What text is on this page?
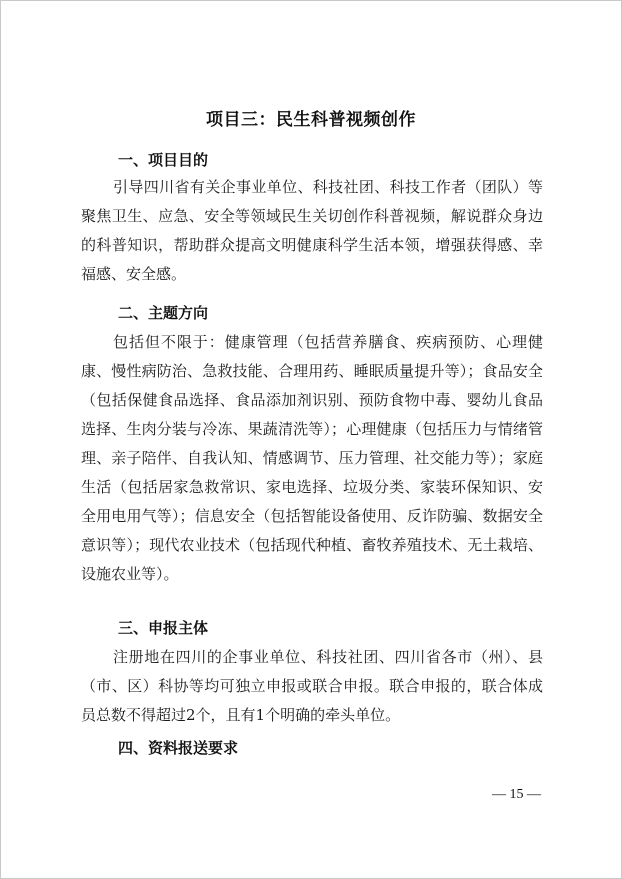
项目三：民生科普视频创作
一、项目目的

引导四川省有关企事业单位、科技社团、科技工作者（团队）等聚焦卫生、应急、安全等领域民生关切创作科普视频，解说群众身边的科普知识，帮助群众提高文明健康科学生活本领，增强获得感、幸福感、安全感。

二、主题方向

包括但不限于：健康管理（包括营养膳食、疾病预防、心理健康、慢性病防治、急救技能、合理用药、睡眠质量提升等）；食品安全（包括保健食品选择、食品添加剂识别、预防食物中毒、婴幼儿食品选择、生肉分装与冷冻、果蔬清洗等）；心理健康（包括压力与情绪管理、亲子陪伴、自我认知、情感调节、压力管理、社交能力等）；家庭生活（包括居家急救常识、家电选择、垃圾分类、家装环保知识、安全用电用气等）；信息安全（包括智能设备使用、反诈防骗、数据安全意识等）；现代农业技术（包括现代种植、畜牧养殖技术、无土栽培、设施农业等）。

三、申报主体

注册地在四川的企事业单位、科技社团、四川省各市（州）、县（市、区）科协等均可独立申报或联合申报。联合申报的，联合体成员总数不得超过2个，且有1个明确的牵头单位。

四、资料报送要求
— 15 —
